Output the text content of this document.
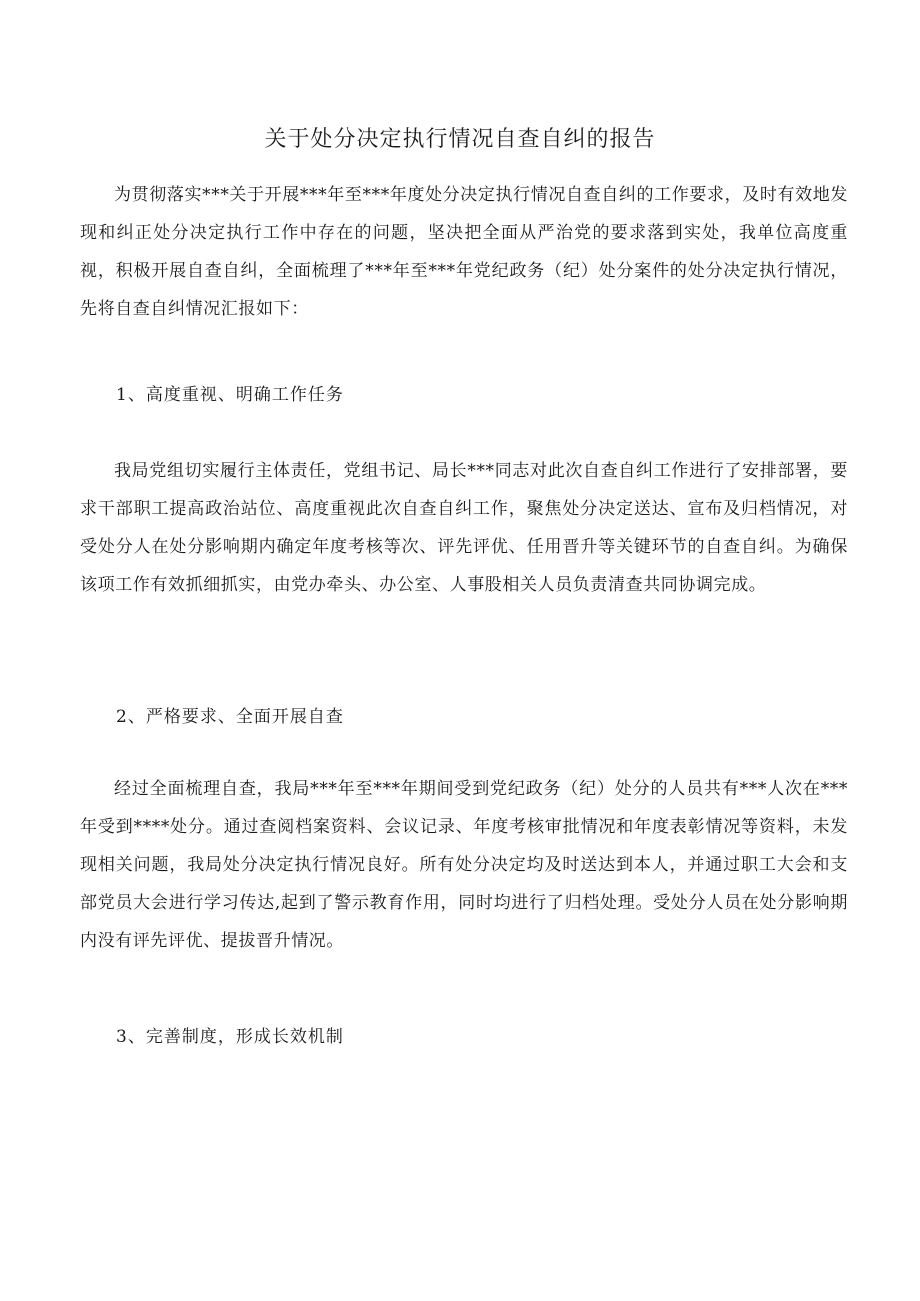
关于处分决定执行情况自查自纠的报告

为贯彻落实***关于开展***年至***年度处分决定执行情况自查自纠的工作要求，及时有效地发现和纠正处分决定执行工作中存在的问题，坚决把全面从严治党的要求落到实处，我单位高度重视，积极开展自查自纠，全面梳理了***年至***年党纪政务（纪）处分案件的处分决定执行情况，先将自查自纠情况汇报如下：

1、高度重视、明确工作任务

我局党组切实履行主体责任，党组书记、局长***同志对此次自查自纠工作进行了安排部署，要求干部职工提高政治站位、高度重视此次自查自纠工作，聚焦处分决定送达、宣布及归档情况，对受处分人在处分影响期内确定年度考核等次、评先评优、任用晋升等关键环节的自查自纠。为确保该项工作有效抓细抓实，由党办牵头、办公室、人事股相关人员负责清查共同协调完成。

2、严格要求、全面开展自查

经过全面梳理自查，我局***年至***年期间受到党纪政务（纪）处分的人员共有***人次在***年受到****处分。通过查阅档案资料、会议记录、年度考核审批情况和年度表彰情况等资料，未发现相关问题，我局处分决定执行情况良好。所有处分决定均及时送达到本人，并通过职工大会和支部党员大会进行学习传达,起到了警示教育作用，同时均进行了归档处理。受处分人员在处分影响期内没有评先评优、提拔晋升情况。

3、完善制度，形成长效机制
